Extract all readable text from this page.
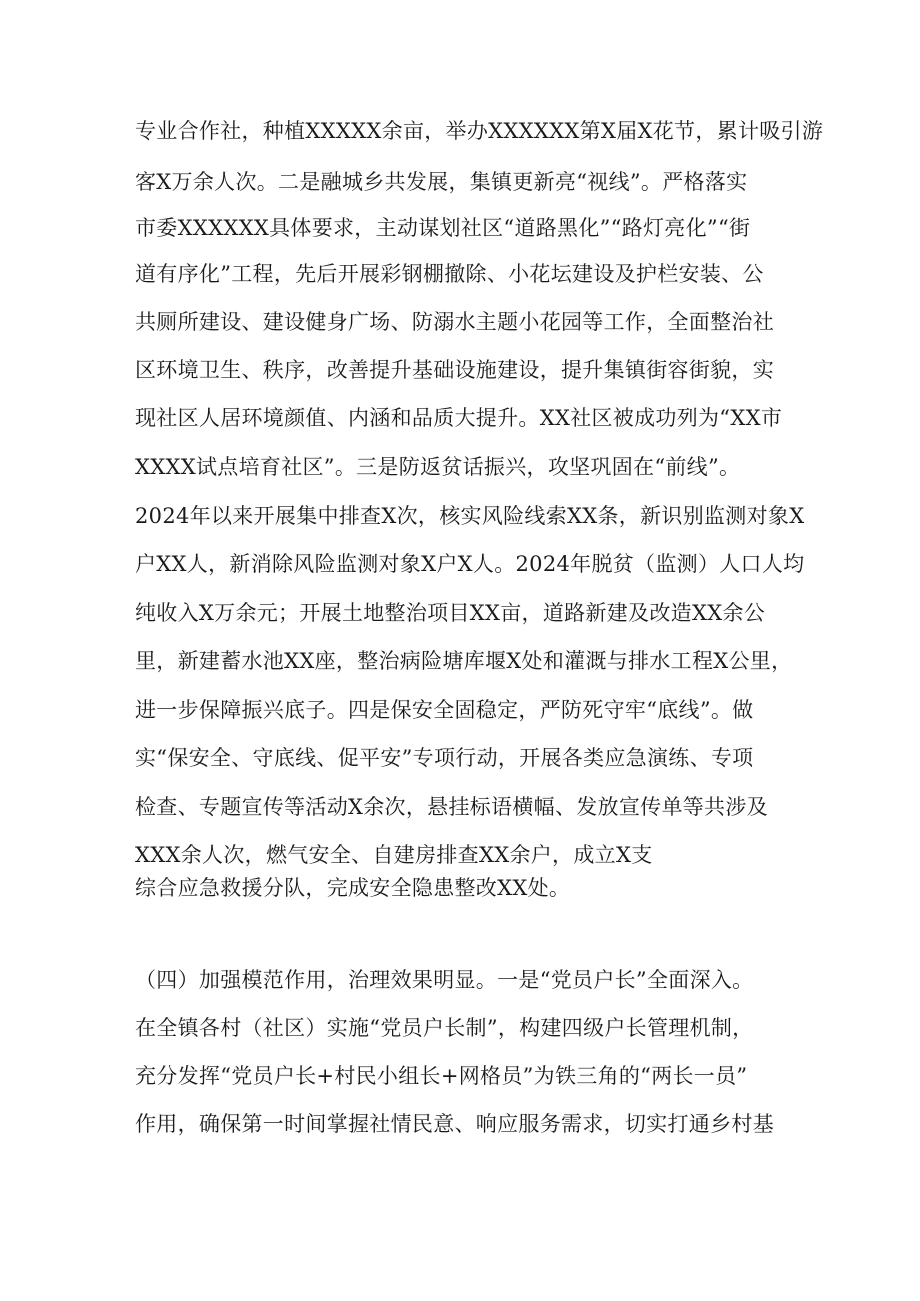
专业合作社，种植XXXXX余亩，举办XXXXXX第X届X花节，累计吸引游
客X万余人次。二是融城乡共发展，集镇更新亮“视线”。严格落实
市委XXXXXX具体要求，主动谋划社区“道路黑化”“路灯亮化”“街
道有序化”工程，先后开展彩钢棚撤除、小花坛建设及护栏安装、公
共厕所建设、建设健身广场、防溺水主题小花园等工作，全面整治社
区环境卫生、秩序，改善提升基础设施建设，提升集镇街容街貌，实
现社区人居环境颜值、内涵和品质大提升。XX社区被成功列为“XX市
XXXX试点培育社区”。三是防返贫话振兴，攻坚巩固在“前线”。
2024年以来开展集中排查X次，核实风险线索XX条，新识别监测对象X
户XX人，新消除风险监测对象X户X人。2024年脱贫（监测）人口人均
纯收入X万余元；开展土地整治项目XX亩，道路新建及改造XX余公
里，新建蓄水池XX座，整治病险塘库堰X处和灌溉与排水工程X公里，
进一步保障振兴底子。四是保安全固稳定，严防死守牢“底线”。做
实“保安全、守底线、促平安”专项行动，开展各类应急演练、专项
检查、专题宣传等活动X余次，悬挂标语横幅、发放宣传单等共涉及
XXX余人次，燃气安全、自建房排查XX余户，成立X支
综合应急救援分队，完成安全隐患整改XX处。
（四）加强模范作用，治理效果明显。一是“党员户长”全面深入。
在全镇各村（社区）实施“党员户长制”，构建四级户长管理机制，
充分发挥“党员户长+村民小组长+网格员”为铁三角的“两长一员”
作用，确保第一时间掌握社情民意、响应服务需求，切实打通乡村基
